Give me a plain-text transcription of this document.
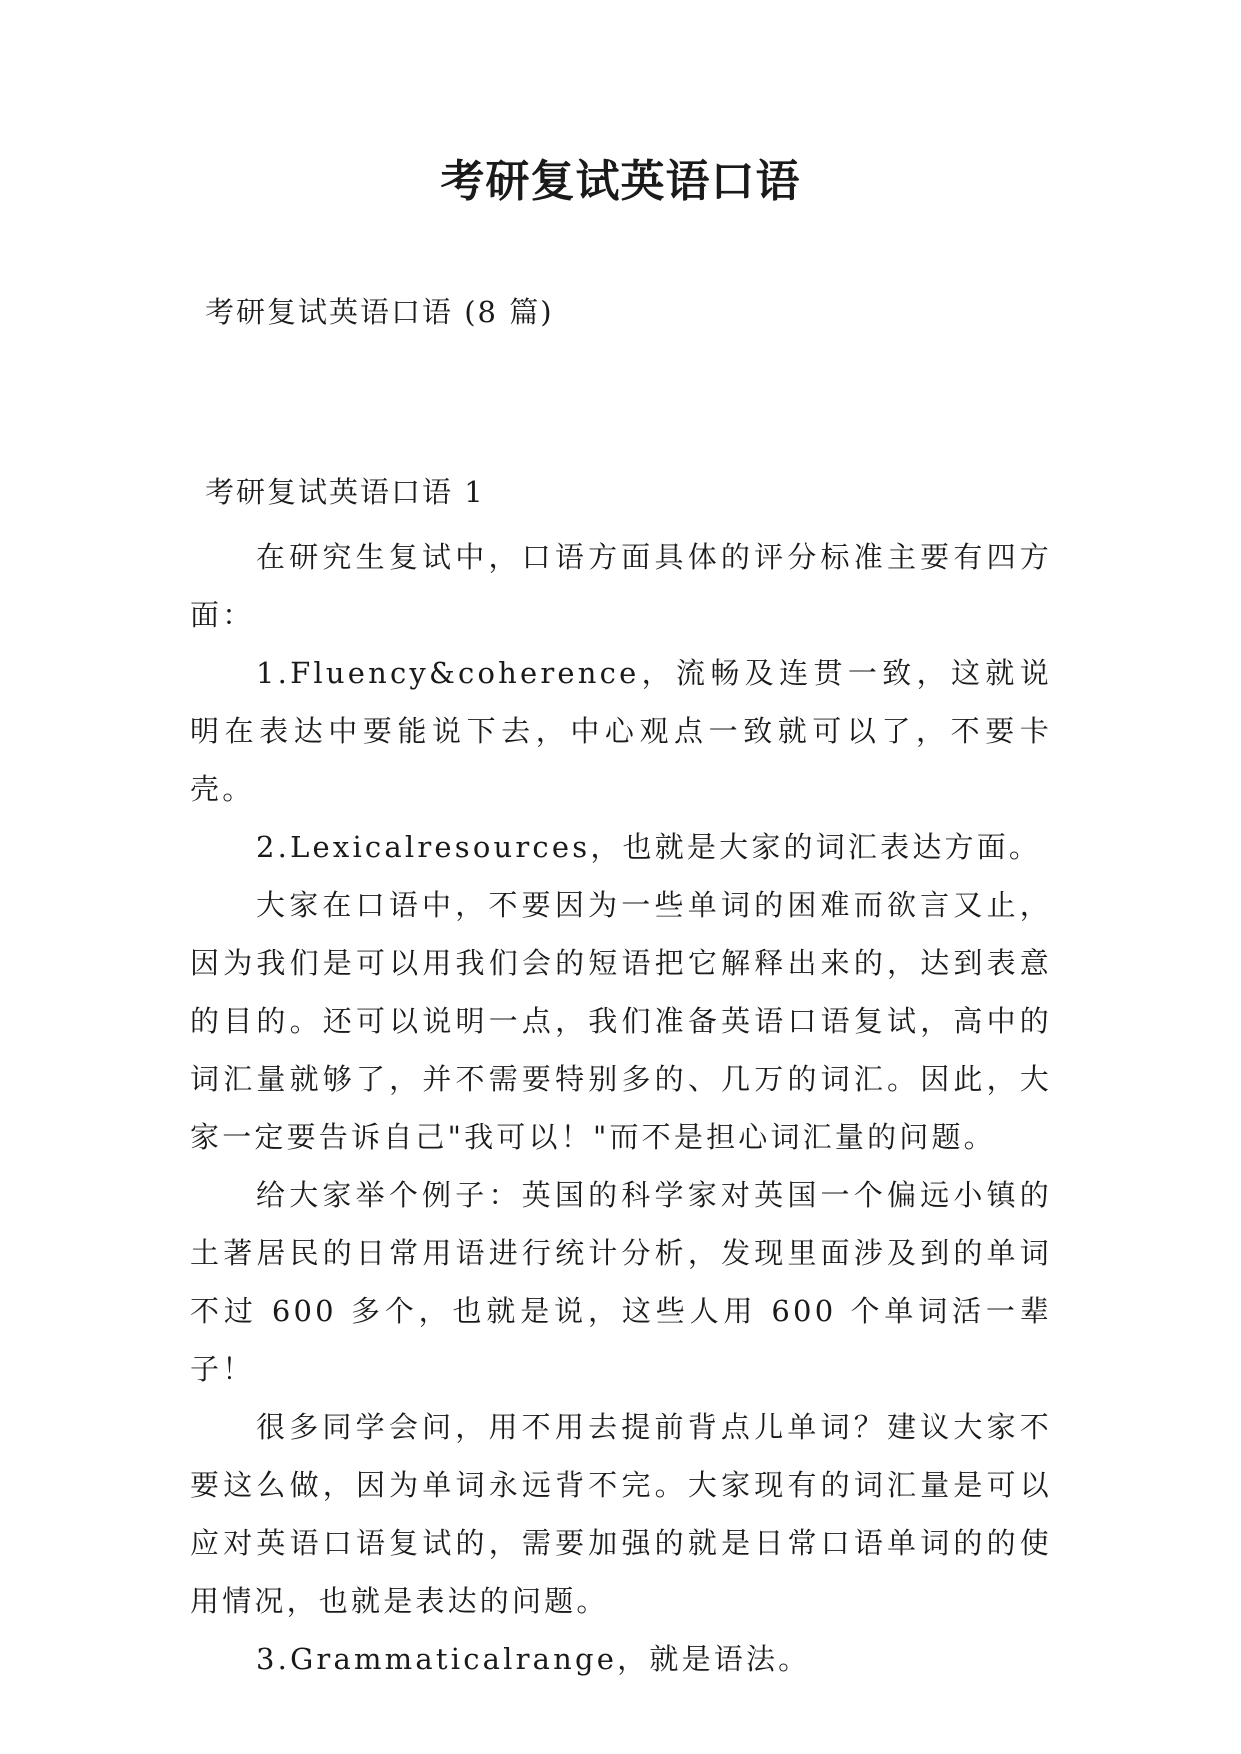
考研复试英语口语

考研复试英语口语 (8 篇)

考研复试英语口语 1

在研究生复试中，口语方面具体的评分标准主要有四方面：

1.Fluency&coherence，流畅及连贯一致，这就说明在表达中要能说下去，中心观点一致就可以了，不要卡壳。

2.Lexicalresources，也就是大家的词汇表达方面。

大家在口语中，不要因为一些单词的困难而欲言又止，因为我们是可以用我们会的短语把它解释出来的，达到表意的目的。还可以说明一点，我们准备英语口语复试，高中的词汇量就够了，并不需要特别多的、几万的词汇。因此，大家一定要告诉自己"我可以！"而不是担心词汇量的问题。

给大家举个例子：英国的科学家对英国一个偏远小镇的土著居民的日常用语进行统计分析，发现里面涉及到的单词不过 600 多个，也就是说，这些人用 600 个单词活一辈子！

很多同学会问，用不用去提前背点儿单词？建议大家不要这么做，因为单词永远背不完。大家现有的词汇量是可以应对英语口语复试的，需要加强的就是日常口语单词的的使用情况，也就是表达的问题。

3.Grammaticalrange，就是语法。
